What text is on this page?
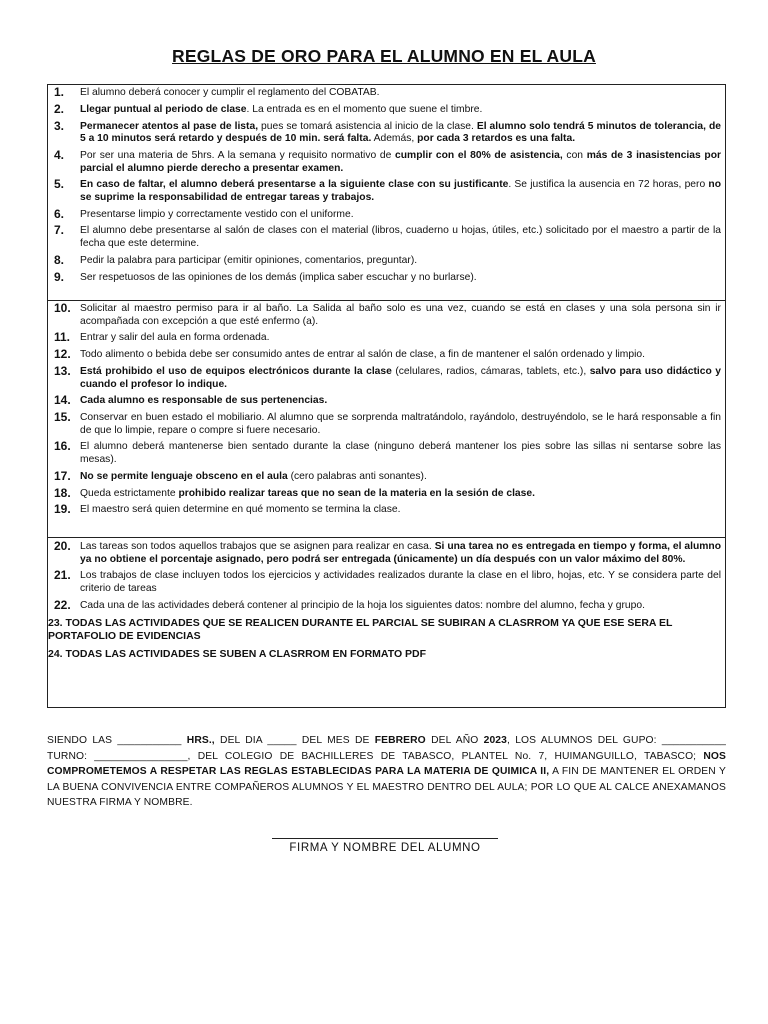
REGLAS DE ORO PARA EL ALUMNO EN EL AULA
1. El alumno deberá conocer y cumplir el reglamento del COBATAB.
2. Llegar puntual al periodo de clase. La entrada es en el momento que suene el timbre.
3. Permanecer atentos al pase de lista, pues se tomará asistencia al inicio de la clase. El alumno solo tendrá 5 minutos de tolerancia, de 5 a 10 minutos será retardo y después de 10 min. será falta. Además, por cada 3 retardos es una falta.
4. Por ser una materia de 5hrs. A la semana y requisito normativo de cumplir con el 80% de asistencia, con más de 3 inasistencias por parcial el alumno pierde derecho a presentar examen.
5. En caso de faltar, el alumno deberá presentarse a la siguiente clase con su justificante. Se justifica la ausencia en 72 horas, pero no se suprime la responsabilidad de entregar tareas y trabajos.
6. Presentarse limpio y correctamente vestido con el uniforme.
7. El alumno debe presentarse al salón de clases con el material (libros, cuaderno u hojas, útiles, etc.) solicitado por el maestro a partir de la fecha que este determine.
8. Pedir la palabra para participar (emitir opiniones, comentarios, preguntar).
9. Ser respetuosos de las opiniones de los demás (implica saber escuchar y no burlarse).
10. Solicitar al maestro permiso para ir al baño. La Salida al baño solo es una vez, cuando se está en clases y una sola persona sin ir acompañada con excepción a que esté enfermo (a).
11. Entrar y salir del aula en forma ordenada.
12. Todo alimento o bebida debe ser consumido antes de entrar al salón de clase, a fin de mantener el salón ordenado y limpio.
13. Está prohibido el uso de equipos electrónicos durante la clase (celulares, radios, cámaras, tablets, etc.), salvo para uso didáctico y cuando el profesor lo indique.
14. Cada alumno es responsable de sus pertenencias.
15. Conservar en buen estado el mobiliario. Al alumno que se sorprenda maltratándolo, rayándolo, destruyéndolo, se le hará responsable a fin de que lo limpie, repare o compre si fuere necesario.
16. El alumno deberá mantenerse bien sentado durante la clase (ninguno deberá mantener los pies sobre las sillas ni sentarse sobre las mesas).
17. No se permite lenguaje obsceno en el aula (cero palabras anti sonantes).
18. Queda estrictamente prohibido realizar tareas que no sean de la materia en la sesión de clase.
19. El maestro será quien determine en qué momento se termina la clase.
20. Las tareas son todos aquellos trabajos que se asignen para realizar en casa. Si una tarea no es entregada en tiempo y forma, el alumno ya no obtiene el porcentaje asignado, pero podrá ser entregada (únicamente) un día después con un valor máximo del 80%.
21. Los trabajos de clase incluyen todos los ejercicios y actividades realizados durante la clase en el libro, hojas, etc. Y se considera parte del criterio de tareas
22. Cada una de las actividades deberá contener al principio de la hoja los siguientes datos: nombre del alumno, fecha y grupo.
23. TODAS LAS ACTIVIDADES QUE SE REALICEN DURANTE EL PARCIAL SE SUBIRAN A CLASRROM YA QUE ESE SERA EL PORTAFOLIO DE EVIDENCIAS
24. TODAS LAS ACTIVIDADES SE SUBEN A CLASRROM EN FORMATO PDF
SIENDO LAS ___________ HRS., DEL DIA _____ DEL MES DE FEBRERO DEL AÑO 2023, LOS ALUMNOS DEL GUPO: ___________ TURNO: ________________, DEL COLEGIO DE BACHILLERES DE TABASCO, PLANTEL No. 7, HUIMANGUILLO, TABASCO; NOS COMPROMETEMOS A RESPETAR LAS REGLAS ESTABLECIDAS PARA LA MATERIA DE QUIMICA II, A FIN DE MANTENER EL ORDEN Y LA BUENA CONVIVENCIA ENTRE COMPAÑEROS ALUMNOS Y EL MAESTRO DENTRO DEL AULA; POR LO QUE AL CALCE ANEXAMANOS NUESTRA FIRMA Y NOMBRE.
FIRMA Y NOMBRE DEL ALUMNO
